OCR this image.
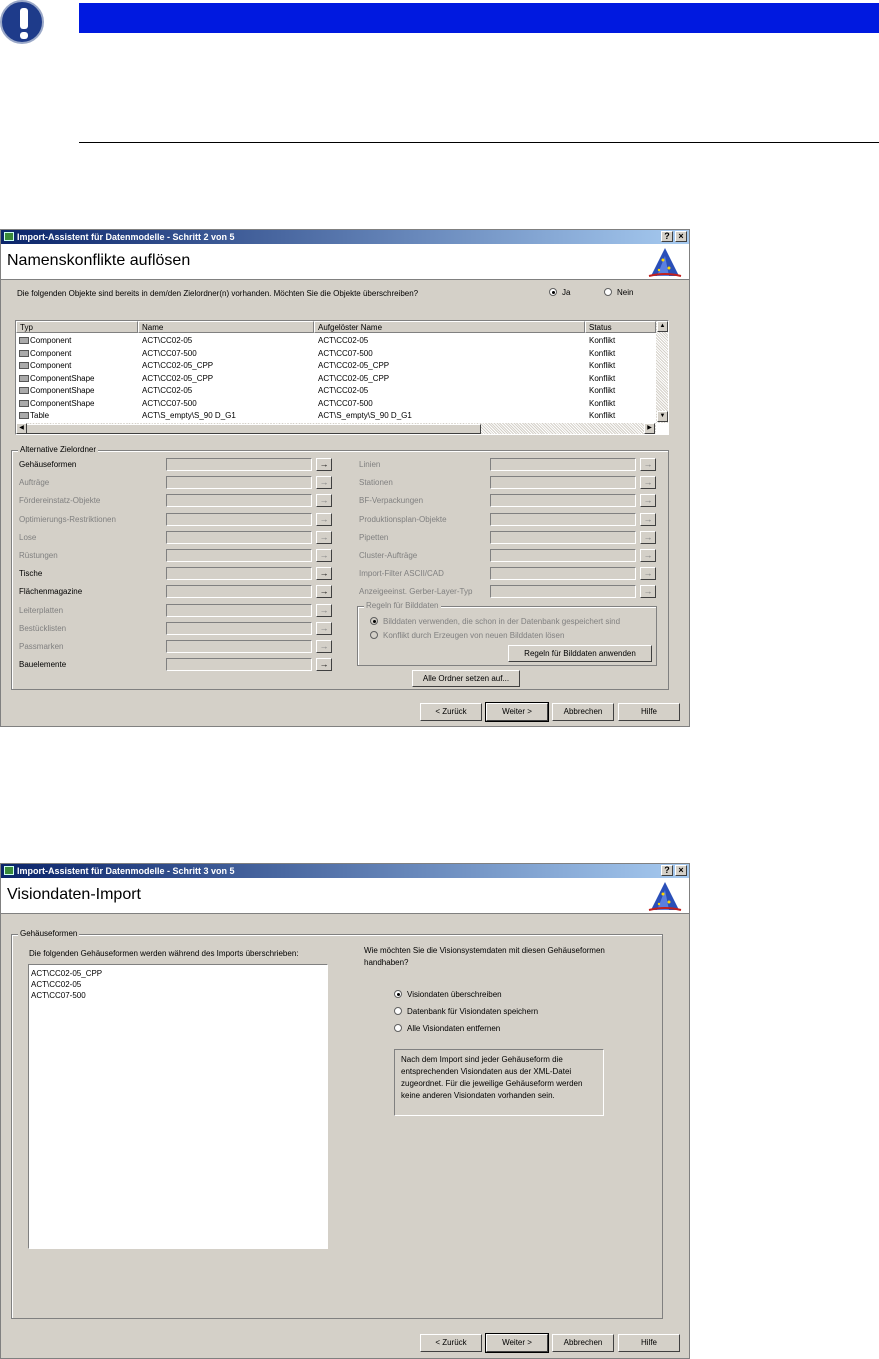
Import-Assistent für Datenmodelle - Schritt 2 von 5	? ×
Namenskonflikte auflösen
Die folgenden Objekte sind bereits in dem/den Zielordner(n) vorhanden. Möchten Sie die Objekte überschreiben?	Ja	Nein
Typ	Name	Aufgelöster Name	Status
Component	ACT\CC02-05	ACT\CC02-05	Konflikt
Component	ACT\CC07-500	ACT\CC07-500	Konflikt
Component	ACT\CC02-05_CPP	ACT\CC02-05_CPP	Konflikt
ComponentShape	ACT\CC02-05_CPP	ACT\CC02-05_CPP	Konflikt
ComponentShape	ACT\CC02-05	ACT\CC02-05	Konflikt
ComponentShape	ACT\CC07-500	ACT\CC07-500	Konflikt
Table	ACT\S_empty\S_90 D_G1	ACT\S_empty\S_90 D_G1	Konflikt
▲
▼
◀	▶
Alternative Zielordner
Gehäuseformen	→
Aufträge	→
Fördereinstatz-Objekte	→
Optimierungs-Restriktionen	→
Lose	→
Rüstungen	→
Tische	→
Flächenmagazine	→
Leiterplatten	→
Bestücklisten	→
Passmarken	→
Bauelemente	→
Linien	→
Stationen	→
BF-Verpackungen	→
Produktionsplan-Objekte	→
Pipetten	→
Cluster-Aufträge	→
Import-Filter ASCII/CAD	→
Anzeigeeinst. Gerber-Layer-Typ	→
Regeln für Bilddaten
Bilddaten verwenden, die schon in der Datenbank gespeichert sind
Konflikt durch Erzeugen von neuen Bilddaten lösen
Regeln für Bilddaten anwenden
Alle Ordner setzen auf...
< Zurück	Weiter >	Abbrechen	Hilfe
Import-Assistent für Datenmodelle - Schritt 3 von 5	? ×
Visiondaten-Import
Gehäuseformen
Die folgenden Gehäuseformen werden während des Imports überschrieben:
ACT\CC02-05_CPP
ACT\CC02-05
ACT\CC07-500
Wie möchten Sie die Visionsystemdaten mit diesen Gehäuseformen handhaben?
Visiondaten überschreiben
Datenbank für Visiondaten speichern
Alle Visiondaten entfernen
Nach dem Import sind jeder Gehäuseform die
entsprechenden Visiondaten aus der XML-Datei
zugeordnet. Für die jeweilige Gehäuseform werden
keine anderen Visiondaten vorhanden sein.
< Zurück	Weiter >	Abbrechen	Hilfe
